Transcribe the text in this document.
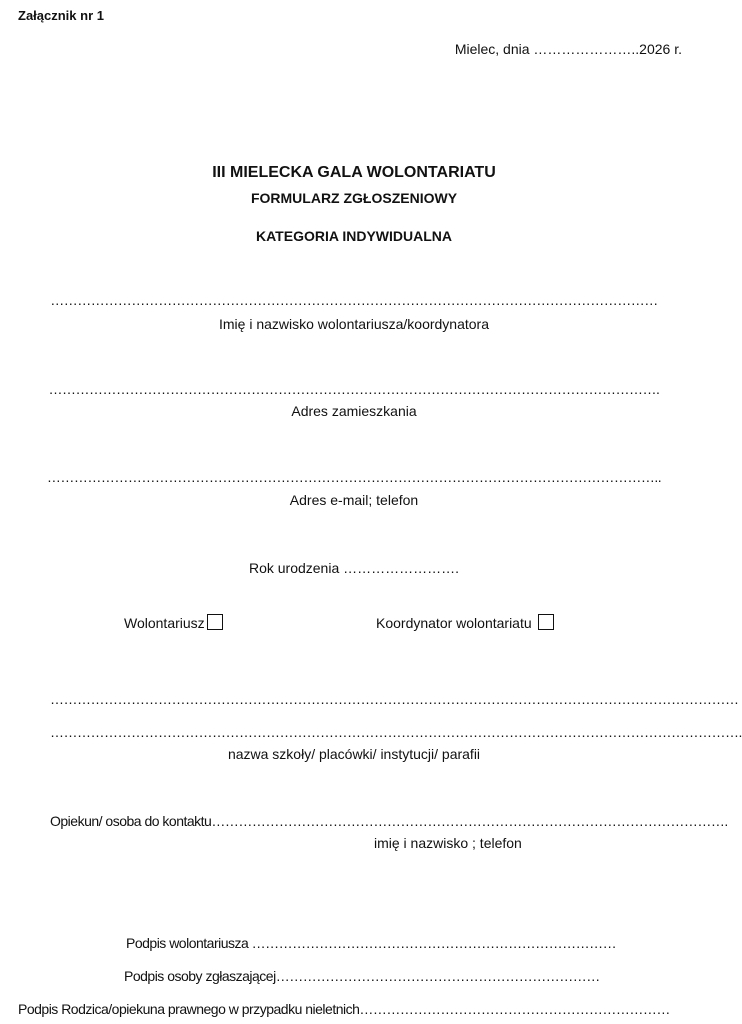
Załącznik nr 1
Mielec, dnia …………………..2026 r.
III MIELECKA GALA WOLONTARIATU
FORMULARZ ZGŁOSZENIOWY
KATEGORIA INDYWIDUALNA
………………………………………………………………………………………………………………………
Imię i nazwisko wolontariusza/koordynatora
……………………………………………………………………………………………………………………….
Adres zamieszkania
………………………………………………………………………………………………………………………..
Adres e-mail; telefon
Rok urodzenia …………………….
Wolontariusz	Koordynator wolontariatu
………………………………………………………………………………………………………………………………………
……………………………………………………………………………………………………………………………………….
nazwa szkoły/ placówki/ instytucji/ parafii
Opiekun/ osoba do kontaktu…………………………………………………………………………………………………….
imię i nazwisko ; telefon
Podpis wolontariusza ………………………………………………………………………
Podpis osoby zgłaszającej………………………………………………………………
Podpis Rodzica/opiekuna prawnego w przypadku nieletnich……………………………………………………………
